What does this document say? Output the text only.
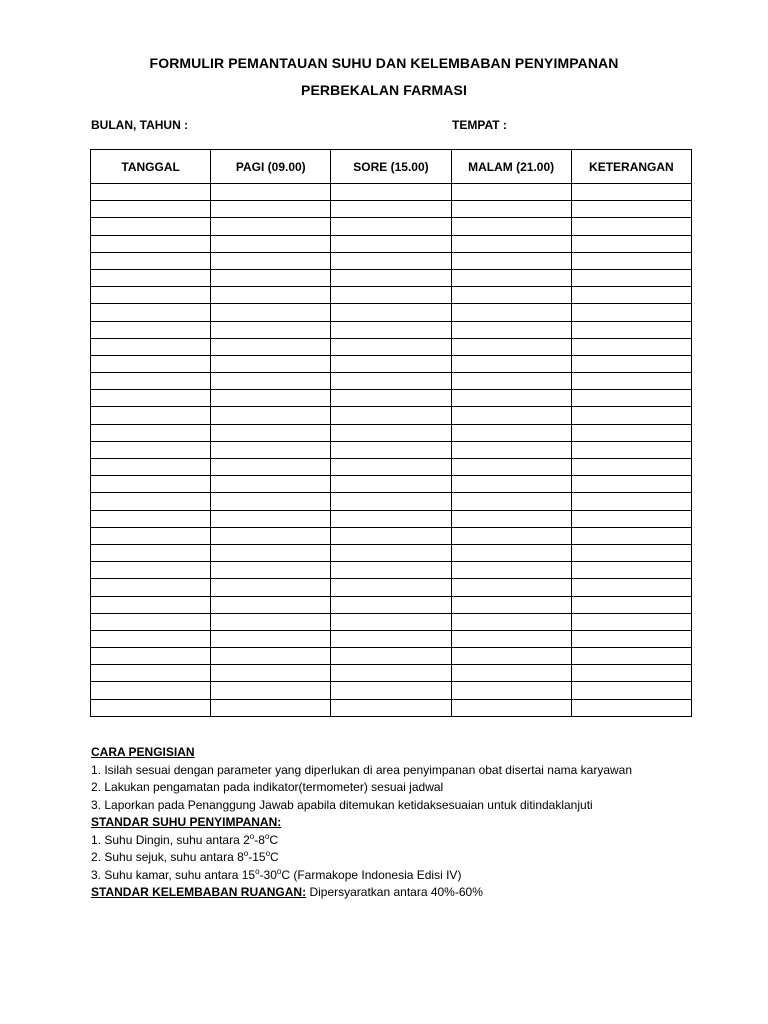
FORMULIR PEMANTAUAN SUHU DAN KELEMBABAN PENYIMPANAN
PERBEKALAN FARMASI
BULAN, TAHUN :	TEMPAT :
TANGGAL	PAGI (09.00)	SORE (15.00)	MALAM (21.00)	KETERANGAN

CARA PENGISIAN
1. Isilah sesuai dengan parameter yang diperlukan di area penyimpanan obat disertai nama karyawan
2. Lakukan pengamatan pada indikator(termometer) sesuai jadwal
3. Laporkan pada Penanggung Jawab apabila ditemukan ketidaksesuaian untuk ditindaklanjuti
STANDAR SUHU PENYIMPANAN:
1. Suhu Dingin, suhu antara 2$^o$-8$^o$C
2. Suhu sejuk, suhu antara 8$^o$-15$^o$C
3. Suhu kamar, suhu antara 15$^o$-30$^o$C (Farmakope Indonesia Edisi IV)
STANDAR KELEMBABAN RUANGAN: Dipersyaratkan antara 40%-60%
